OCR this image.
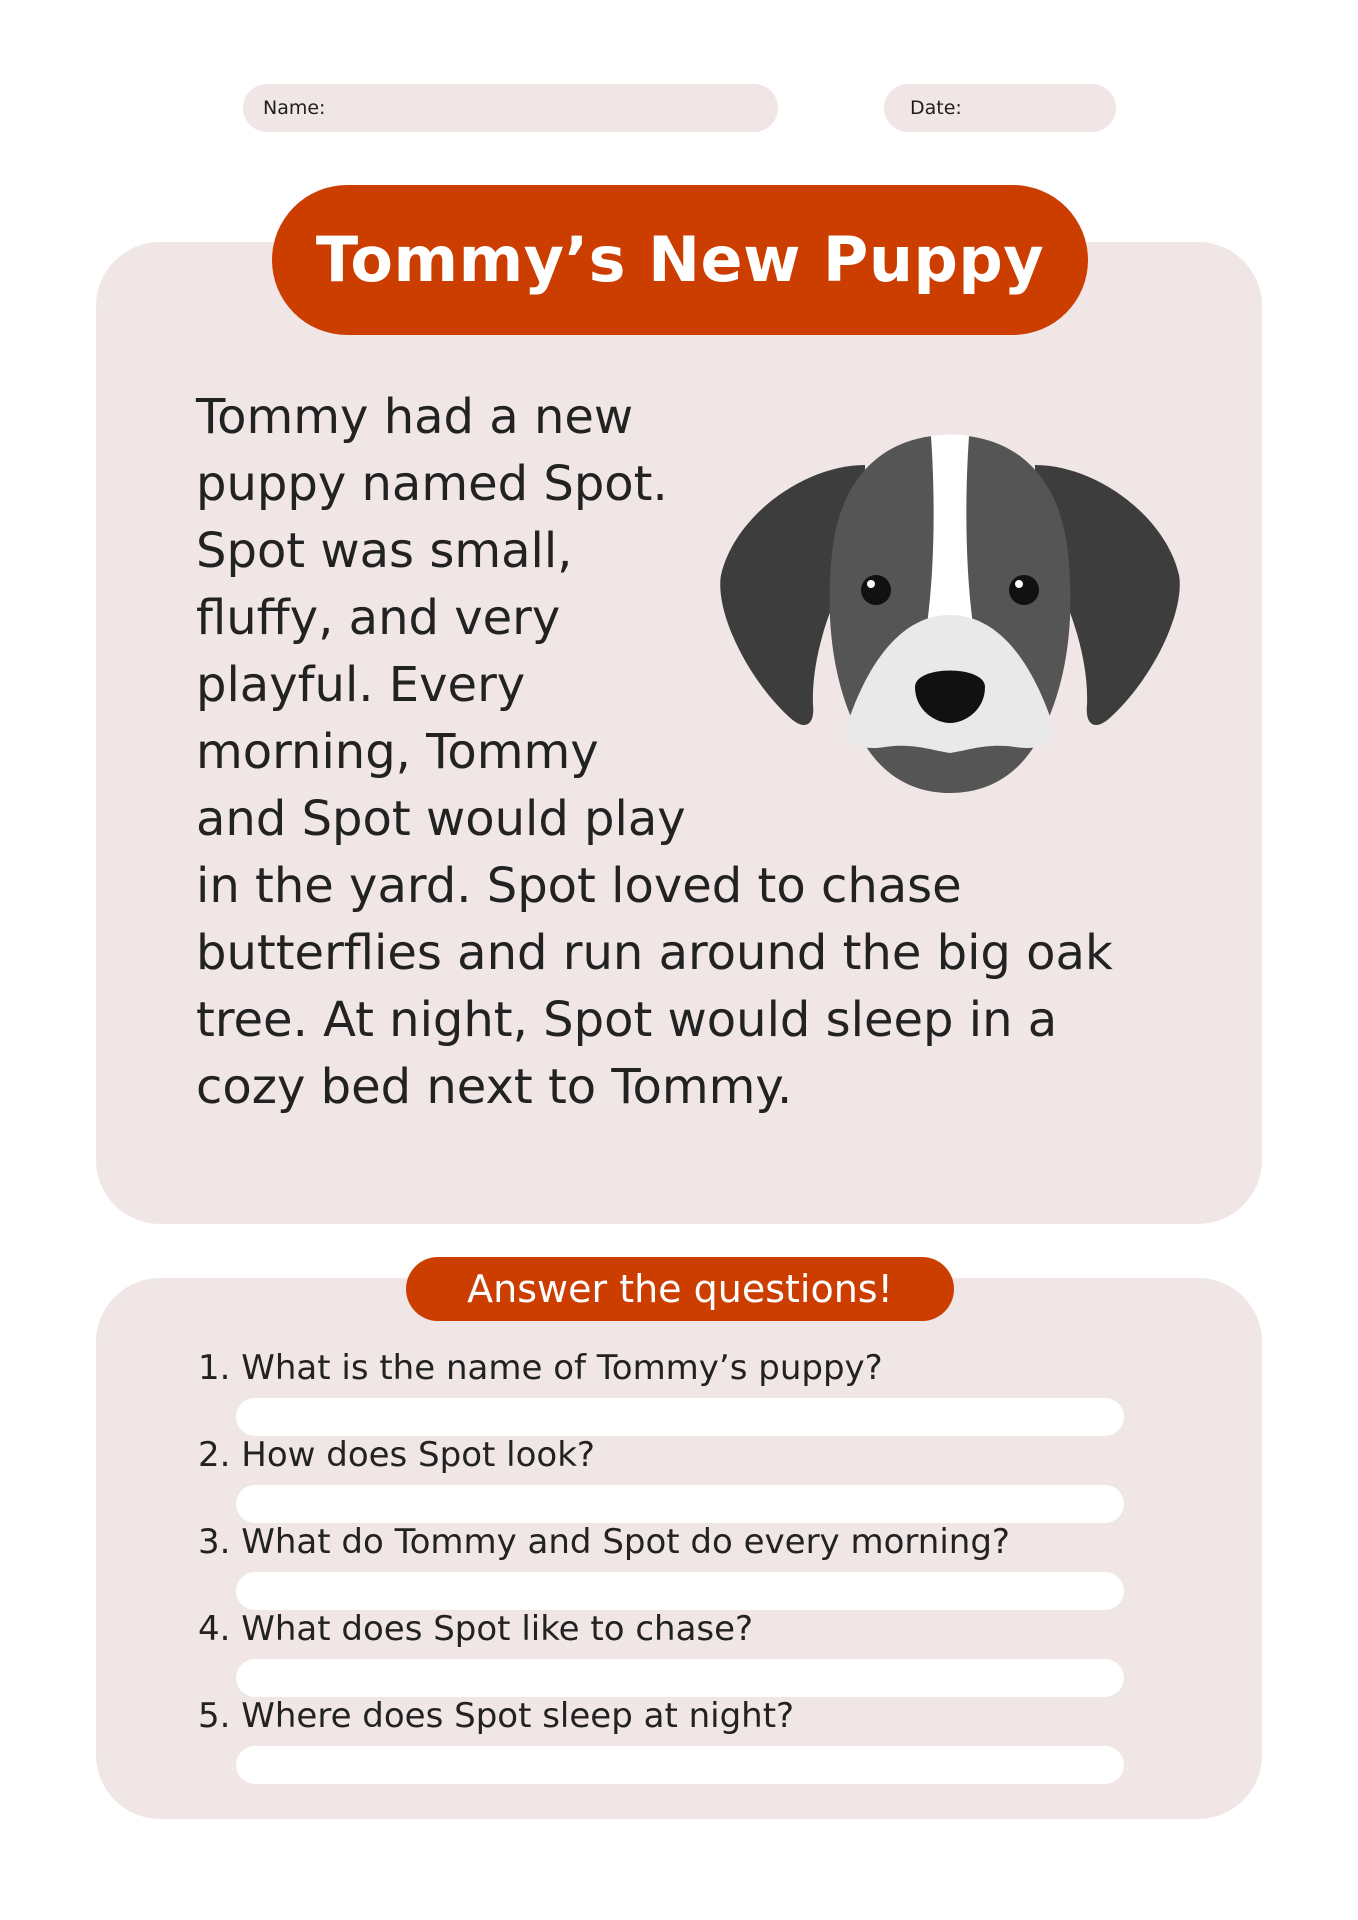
Name:	Date:
Tommy’s New Puppy

Tommy had a new

puppy named Spot.

Spot was small,

fluffy, and very

playful. Every

morning, Tommy

and Spot would play

in the yard. Spot loved to chase

butterflies and run around the big oak

tree. At night, Spot would sleep in a

cozy bed next to Tommy.

Answer the questions!

1. What is the name of Tommy’s puppy?

2. How does Spot look?

3. What do Tommy and Spot do every morning?

4. What does Spot like to chase?

5. Where does Spot sleep at night?
